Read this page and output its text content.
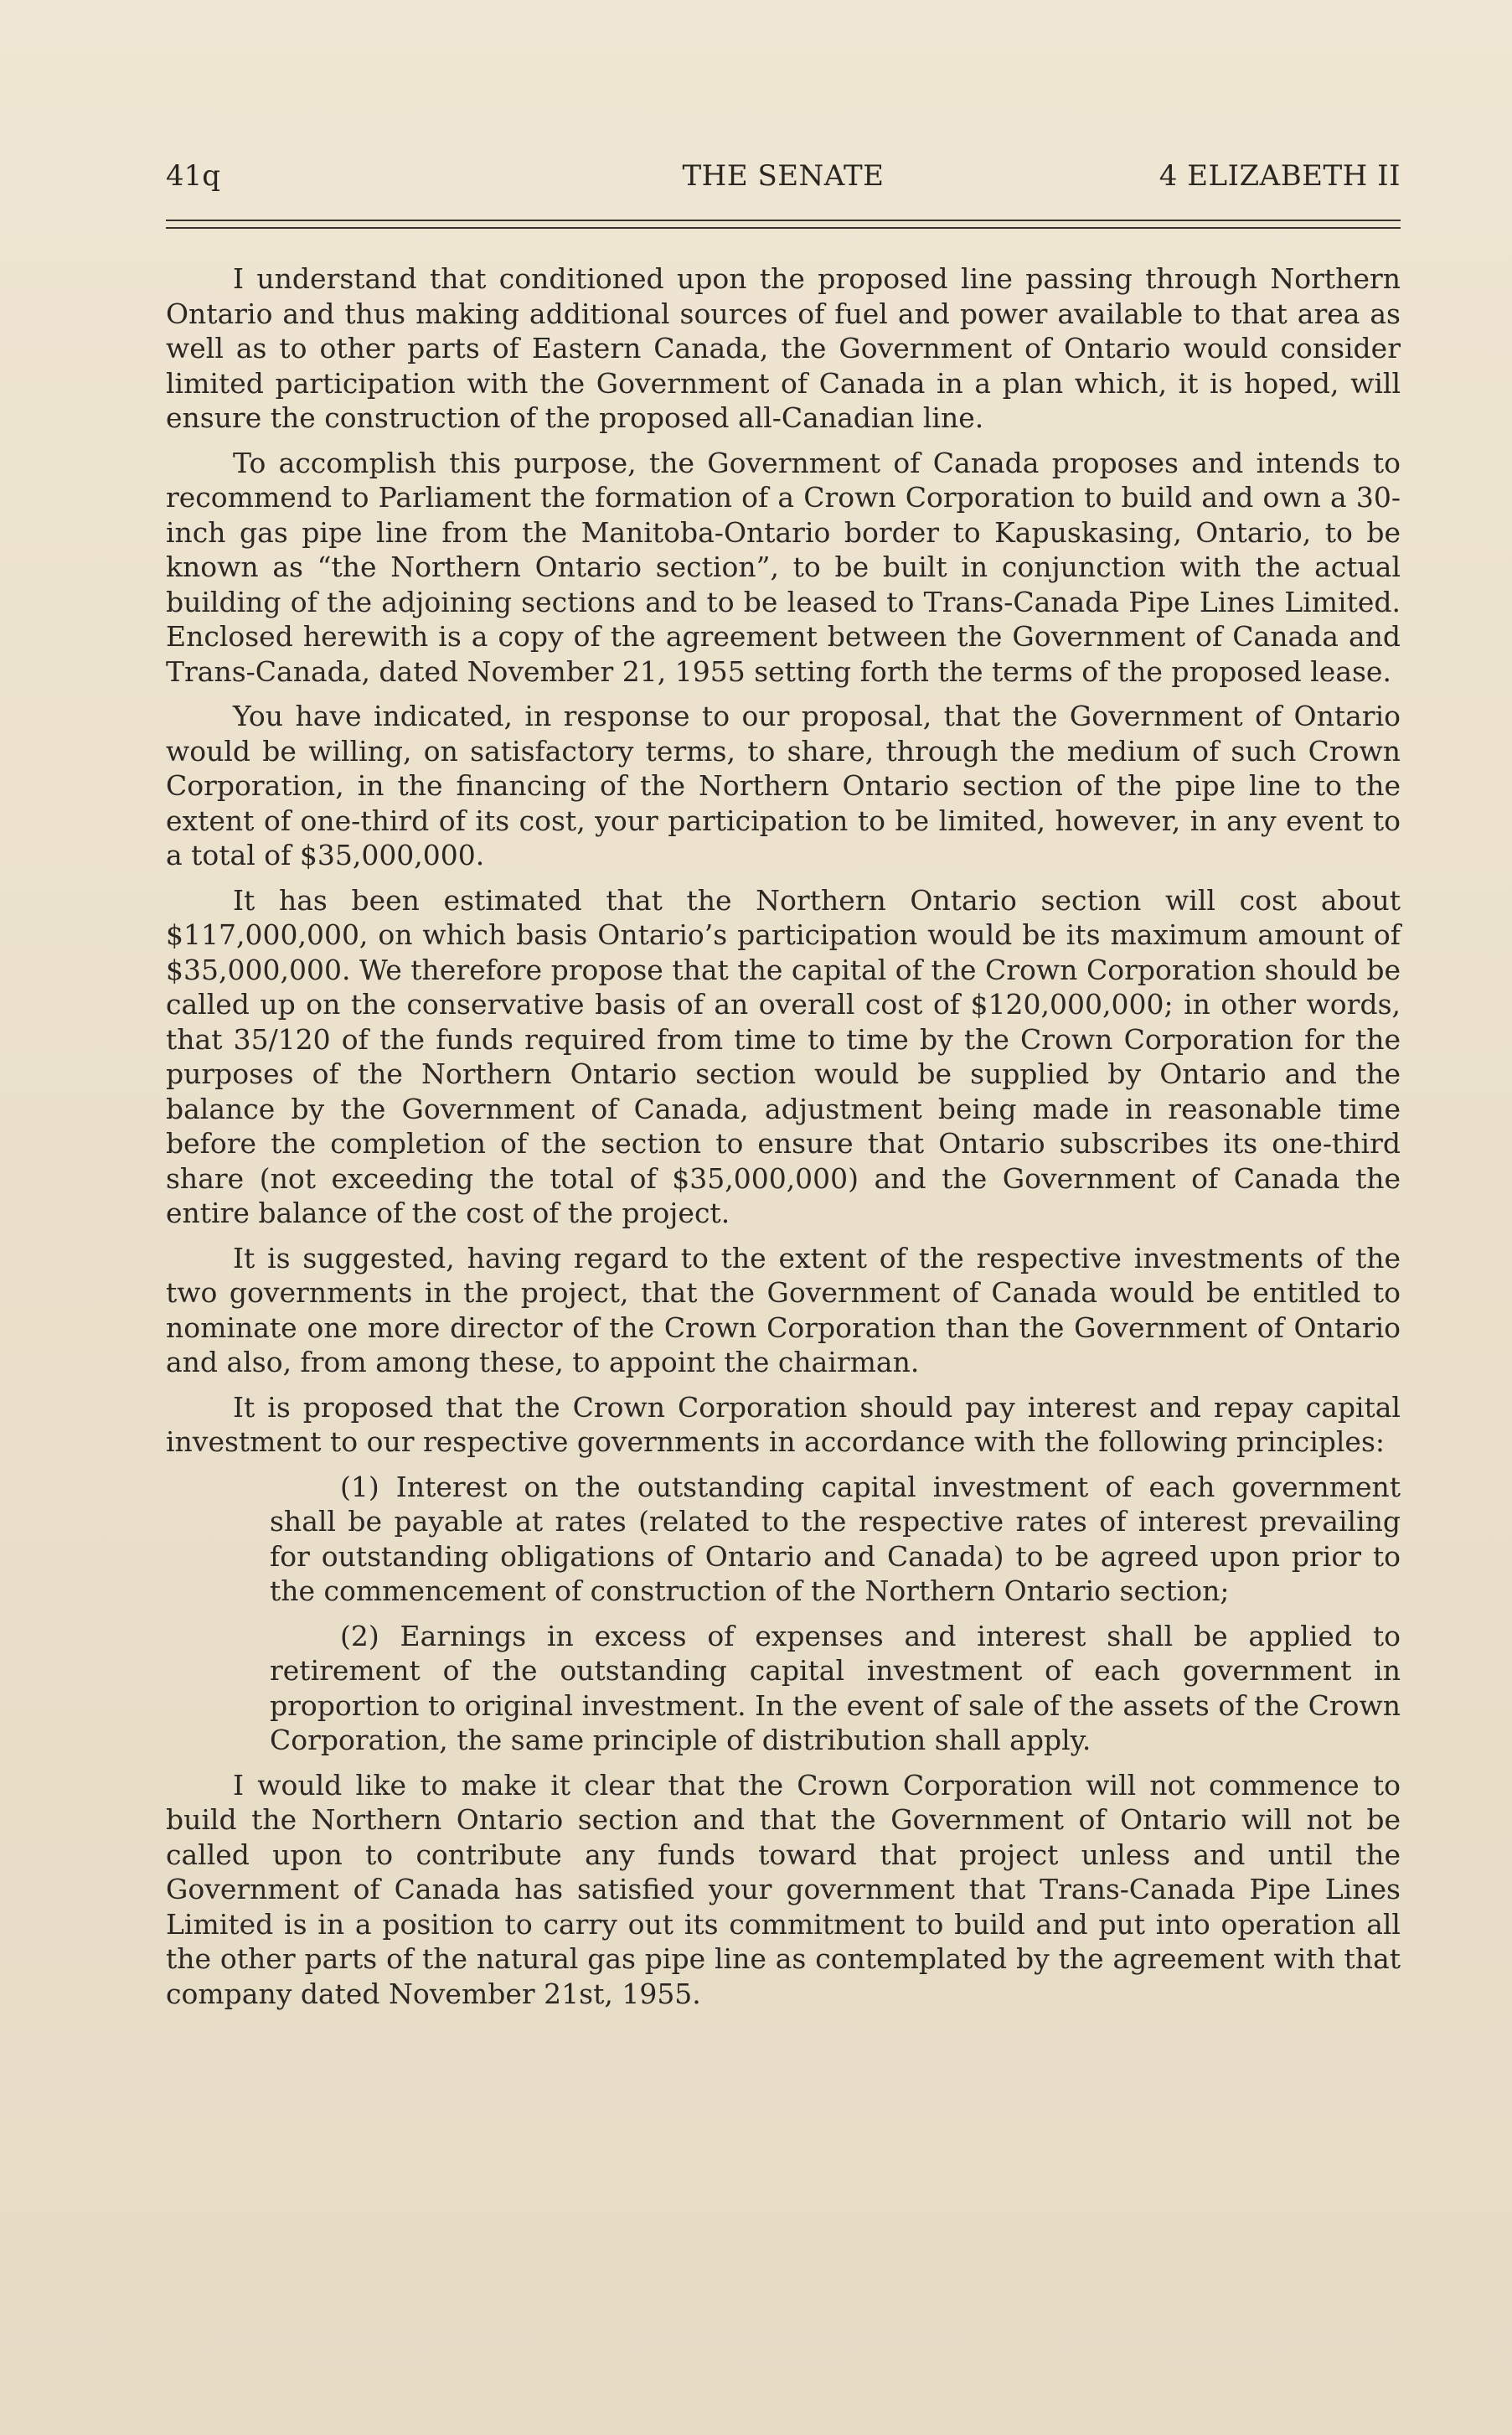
41q	THE SENATE	4 ELIZABETH II

I understand that conditioned upon the proposed line passing through Northern Ontario and thus making additional sources of fuel and power available to that area as well as to other parts of Eastern Canada, the Government of Ontario would consider limited participation with the Government of Canada in a plan which, it is hoped, will ensure the construction of the proposed all-Canadian line.

To accomplish this purpose, the Government of Canada proposes and intends to recommend to Parliament the formation of a Crown Corporation to build and own a 30-inch gas pipe line from the Manitoba-Ontario border to Kapuskasing, Ontario, to be known as “the Northern Ontario section”, to be built in conjunction with the actual building of the adjoining sections and to be leased to Trans-Canada Pipe Lines Limited. Enclosed herewith is a copy of the agreement between the Government of Canada and Trans-Canada, dated November 21, 1955 setting forth the terms of the proposed lease.

You have indicated, in response to our proposal, that the Government of Ontario would be willing, on satisfactory terms, to share, through the medium of such Crown Corporation, in the financing of the Northern Ontario section of the pipe line to the extent of one-third of its cost, your participation to be limited, however, in any event to a total of $35,000,000.

It has been estimated that the Northern Ontario section will cost about $117,000,000, on which basis Ontario’s participation would be its maximum amount of $35,000,000. We therefore propose that the capital of the Crown Corporation should be called up on the conservative basis of an overall cost of $120,000,000; in other words, that 35/120 of the funds required from time to time by the Crown Corporation for the purposes of the Northern Ontario section would be supplied by Ontario and the balance by the Government of Canada, adjustment being made in reasonable time before the completion of the section to ensure that Ontario subscribes its one-third share (not exceeding the total of $35,000,000) and the Government of Canada the entire balance of the cost of the project.

It is suggested, having regard to the extent of the respective investments of the two governments in the project, that the Government of Canada would be entitled to nominate one more director of the Crown Corporation than the Government of Ontario and also, from among these, to appoint the chairman.

It is proposed that the Crown Corporation should pay interest and repay capital investment to our respective governments in accordance with the following principles:

(1) Interest on the outstanding capital investment of each government shall be payable at rates (related to the respective rates of interest prevailing for outstanding obligations of Ontario and Canada) to be agreed upon prior to the commencement of construction of the Northern Ontario section;

(2) Earnings in excess of expenses and interest shall be applied to retirement of the outstanding capital investment of each government in proportion to original investment. In the event of sale of the assets of the Crown Corporation, the same principle of distribution shall apply.

I would like to make it clear that the Crown Corporation will not commence to build the Northern Ontario section and that the Government of Ontario will not be called upon to contribute any funds toward that project unless and until the Government of Canada has satisfied your government that Trans-Canada Pipe Lines Limited is in a position to carry out its commitment to build and put into operation all the other parts of the natural gas pipe line as contemplated by the agreement with that company dated November 21st, 1955.
